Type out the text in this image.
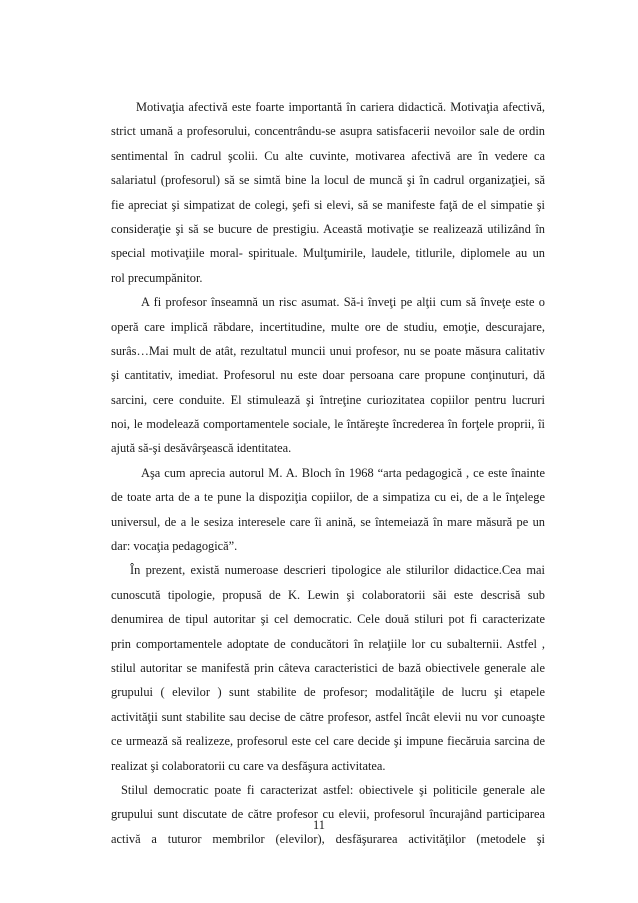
Motivaţia afectivă este foarte importantă în cariera didactică. Motivaţia afectivă,
strict umană a profesorului, concentrându-se asupra satisfacerii nevoilor sale de ordin
sentimental în cadrul şcolii. Cu alte cuvinte, motivarea afectivă are în vedere ca
salariatul (profesorul) să se simtă bine la locul de muncă şi în cadrul organizaţiei, să
fie apreciat şi simpatizat de colegi, şefi si elevi, să se manifeste faţă de el simpatie şi
consideraţie şi să se bucure de prestigiu. Această motivaţie se realizează utilizând în
special motivaţiile moral- spirituale. Mulţumirile, laudele, titlurile, diplomele au un
rol precumpănitor.
A fi profesor înseamnă un risc asumat. Să-i înveţi pe alţii cum să înveţe este o
operă care implică răbdare, incertitudine, multe ore de studiu, emoţie, descurajare,
surâs…Mai mult de atât, rezultatul muncii unui profesor, nu se poate măsura calitativ
şi cantitativ, imediat. Profesorul nu este doar persoana care propune conţinuturi, dă
sarcini, cere conduite. El stimulează şi întreţine curiozitatea copiilor pentru lucruri
noi, le modelează comportamentele sociale, le întăreşte încrederea în forţele proprii, îi
ajută să-şi desăvârşească identitatea.
Aşa cum aprecia autorul M. A. Bloch în 1968 “arta pedagogică , ce este înainte
de toate arta de a te pune la dispoziţia copiilor, de a simpatiza cu ei, de a le înţelege
universul, de a le sesiza interesele care îi anină, se întemeiază în mare măsură pe un
dar: vocaţia pedagogică”.
În prezent, există numeroase descrieri tipologice ale stilurilor didactice.Cea mai
cunoscută tipologie, propusă de K. Lewin şi colaboratorii săi este descrisă sub
denumirea de tipul autoritar şi cel democratic. Cele două stiluri pot fi caracterizate
prin comportamentele adoptate de conducători în relaţiile lor cu subalternii. Astfel ,
stilul autoritar se manifestă prin câteva caracteristici de bază obiectivele generale ale
grupului ( elevilor ) sunt stabilite de profesor; modalităţile de lucru şi etapele
activităţii sunt stabilite sau decise de către profesor, astfel încât elevii nu vor cunoaşte
ce urmează să realizeze, profesorul este cel care decide şi impune fiecăruia sarcina de
realizat şi colaboratorii cu care va desfăşura activitatea.
Stilul democratic poate fi caracterizat astfel: obiectivele şi politicile generale ale
grupului sunt discutate de către profesor cu elevii, profesorul încurajând participarea
activă a tuturor membrilor (elevilor), desfăşurarea activităţilor (metodele şi
11
